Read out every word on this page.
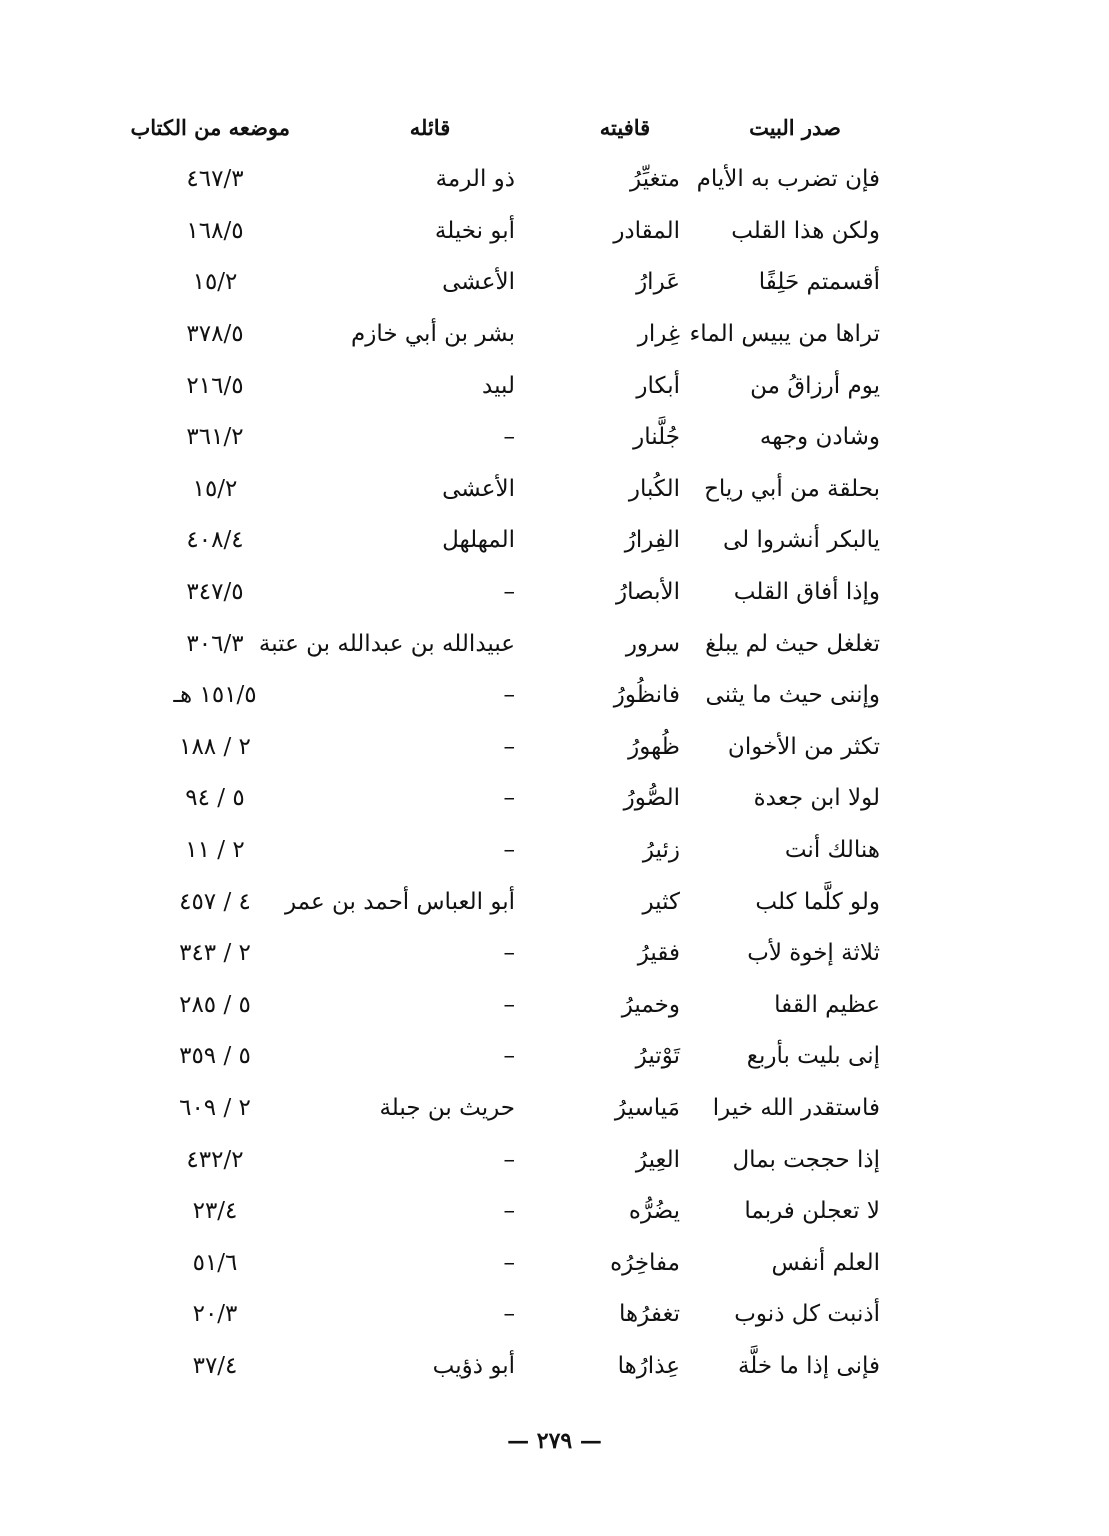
صدر البيت
قافيته
قائله
موضعه من الكتاب
فإن تضرب به الأيام
متغيِّرُ
ذو الرمة
٤٦٧/٣
ولكن هذا القلب
المقادر
أبو نخيلة
١٦٨/٥
أقسمتم حَلِفًا
عَرارُ
الأعشى
١٥/٢
تراها من يبيس الماء
غِرار
بشر بن أبي خازم
٣٧٨/٥
يوم أرزاقُ من
أبكار
لبيد
٢١٦/٥
وشادن وجهه
جُلَّنار
–
٣٦١/٢
بحلقة من أبي رياح
الكُبار
الأعشى
١٥/٢
يالبكر أنشروا لى
الفِرارُ
المهلهل
٤٠٨/٤
وإذا أفاق القلب
الأبصارُ
–
٣٤٧/٥
تغلغل حيث لم يبلغ
سرور
عبيدالله بن عبدالله بن عتبة
٣٠٦/٣
وإننى حيث ما يثنى
فانظُورُ
–
١٥١/٥ هـ
تكثر من الأخوان
ظُهورُ
–
٢ / ١٨٨
لولا ابن جعدة
الصُّورُ
–
٥ / ٩٤
هنالك أنت
زئيرُ
–
٢ / ١١
ولو كلَّما كلب
كثير
أبو العباس أحمد بن عمر
٤ / ٤٥٧
ثلاثة إخوة لأب
فقيرُ
–
٢ / ٣٤٣
عظيم القفا
وخميرُ
–
٥ / ٢٨٥
إنى بليت بأربع
تَوْتيرُ
–
٥ / ٣٥٩
فاستقدر الله خيرا
مَياسيرُ
حريث بن جبلة
٢ / ٦٠٩
إذا حججت بمال
العِيرُ
–
٤٣٢/٢
لا تعجلن فربما
يضُرُّه
–
٢٣/٤
العلم أنفس
مفاخِرُه
–
٥١/٦
أذنبت كل ذنوب
تغفرُها
–
٢٠/٣
فإنى إذا ما خلَّة
عِذارُها
أبو ذؤيب
٣٧/٤
— ٢٧٩ —
